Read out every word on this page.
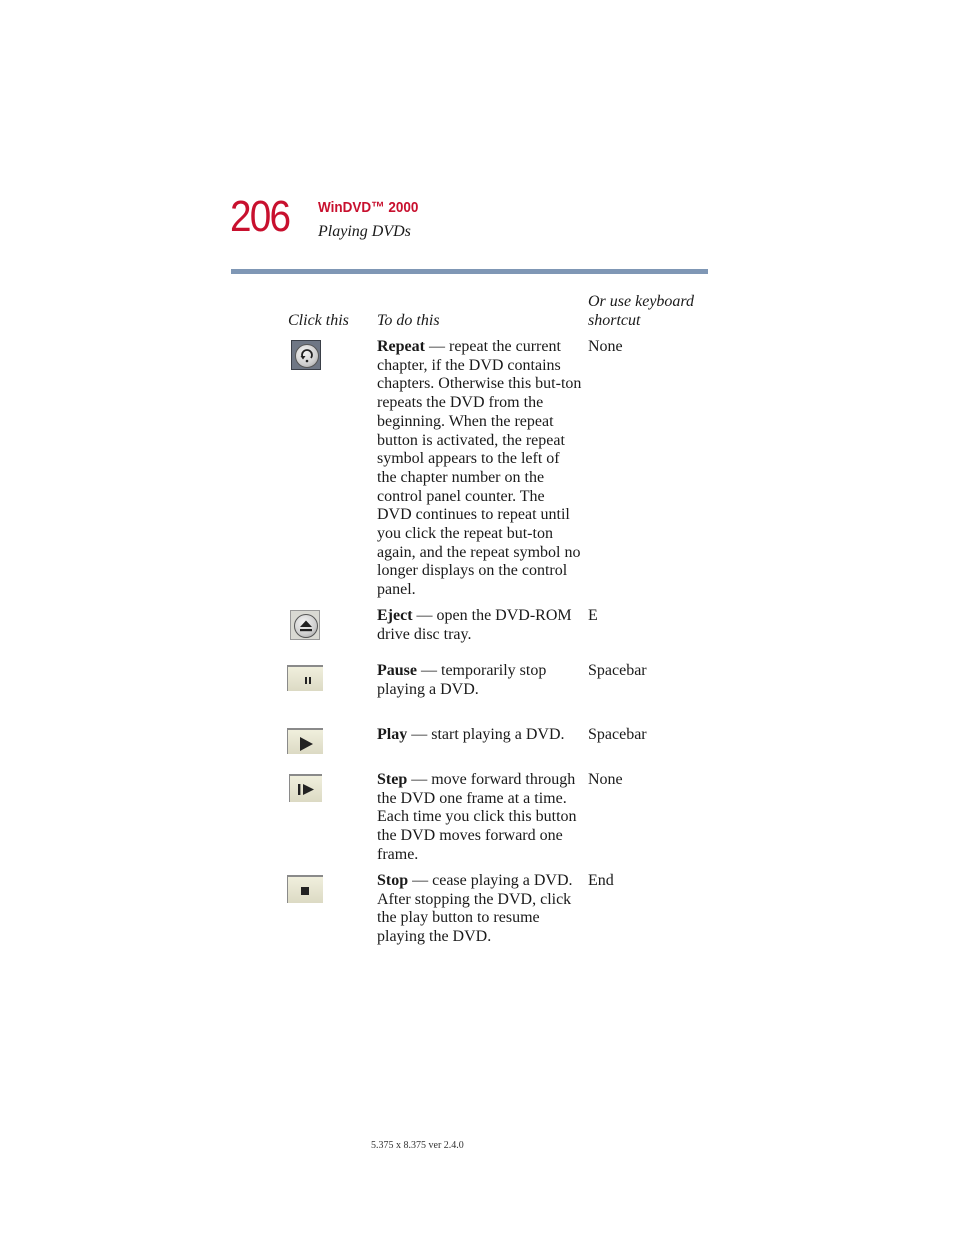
206 WinDVD™ 2000
Playing DVDs
Click this To do this
Or use keyboard
shortcut
Repeat — repeat the current chapter, if the DVD contains chapters. Otherwise this but-ton repeats the DVD from the beginning. When the repeat button is activated, the repeat symbol appears to the left of the chapter number on the control panel counter. The DVD continues to repeat until you click the repeat but-ton again, and the repeat symbol no longer displays on the control panel.
None
Eject — open the DVD-ROM drive disc tray.
E
Pause — temporarily stop playing a DVD.
Spacebar
Play — start playing a DVD.	Spacebar
Step — move forward through the DVD one frame at a time. Each time you click this button the DVD moves forward one frame.
None
Stop — cease playing a DVD. After stopping the DVD, click the play button to resume playing the DVD.
End
5.375 x 8.375 ver 2.4.0
